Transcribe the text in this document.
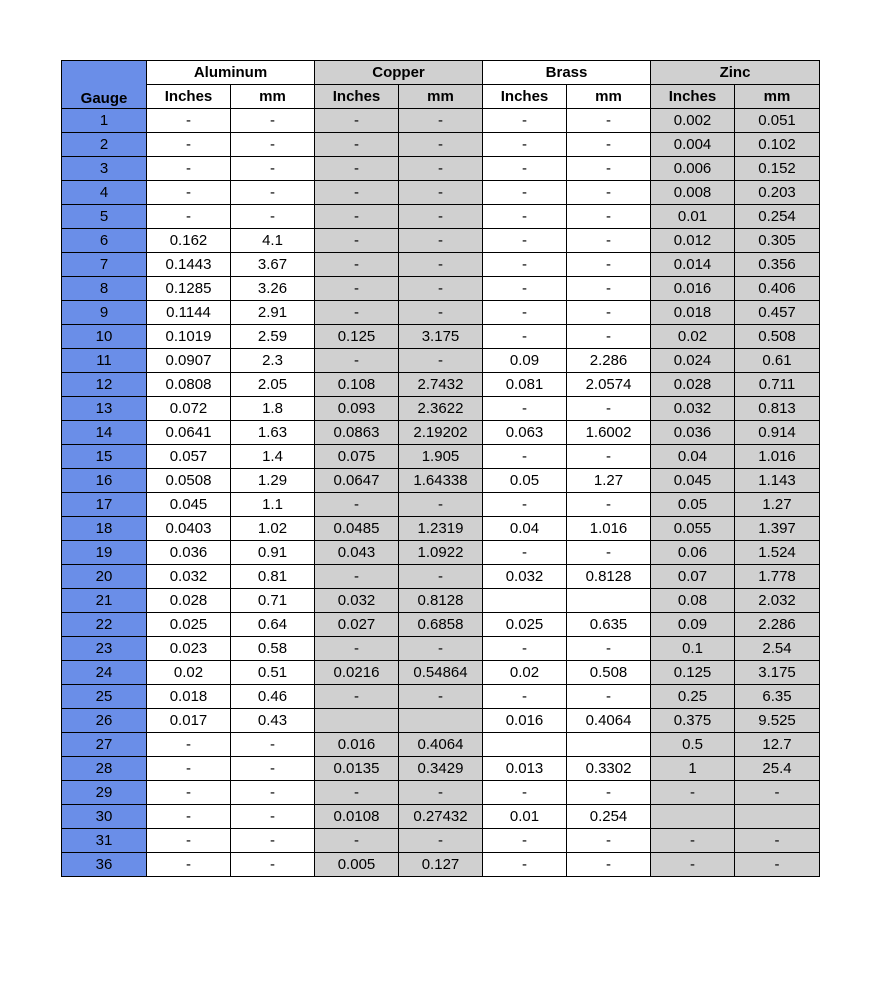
Gauge	Aluminum		Copper		Brass		Zinc	
	Inches	mm	Inches	mm	Inches	mm	Inches	mm
1	-	-	-	-	-	-	0.002	0.051
2	-	-	-	-	-	-	0.004	0.102
3	-	-	-	-	-	-	0.006	0.152
4	-	-	-	-	-	-	0.008	0.203
5	-	-	-	-	-	-	0.01	0.254
6	0.162	4.1	-	-	-	-	0.012	0.305
7	0.1443	3.67	-	-	-	-	0.014	0.356
8	0.1285	3.26	-	-	-	-	0.016	0.406
9	0.1144	2.91	-	-	-	-	0.018	0.457
10	0.1019	2.59	0.125	3.175	-	-	0.02	0.508
11	0.0907	2.3	-	-	0.09	2.286	0.024	0.61
12	0.0808	2.05	0.108	2.7432	0.081	2.0574	0.028	0.711
13	0.072	1.8	0.093	2.3622	-	-	0.032	0.813
14	0.0641	1.63	0.0863	2.19202	0.063	1.6002	0.036	0.914
15	0.057	1.4	0.075	1.905	-	-	0.04	1.016
16	0.0508	1.29	0.0647	1.64338	0.05	1.27	0.045	1.143
17	0.045	1.1	-	-	-	-	0.05	1.27
18	0.0403	1.02	0.0485	1.2319	0.04	1.016	0.055	1.397
19	0.036	0.91	0.043	1.0922	-	-	0.06	1.524
20	0.032	0.81	-	-	0.032	0.8128	0.07	1.778
21	0.028	0.71	0.032	0.8128			0.08	2.032
22	0.025	0.64	0.027	0.6858	0.025	0.635	0.09	2.286
23	0.023	0.58	-	-	-	-	0.1	2.54
24	0.02	0.51	0.0216	0.54864	0.02	0.508	0.125	3.175
25	0.018	0.46	-	-	-	-	0.25	6.35
26	0.017	0.43			0.016	0.4064	0.375	9.525
27	-	-	0.016	0.4064			0.5	12.7
28	-	-	0.0135	0.3429	0.013	0.3302	1	25.4
29	-	-	-	-	-	-	-	-
30	-	-	0.0108	0.27432	0.01	0.254		
31	-	-	-	-	-	-	-	-
36	-	-	0.005	0.127	-	-	-	-
